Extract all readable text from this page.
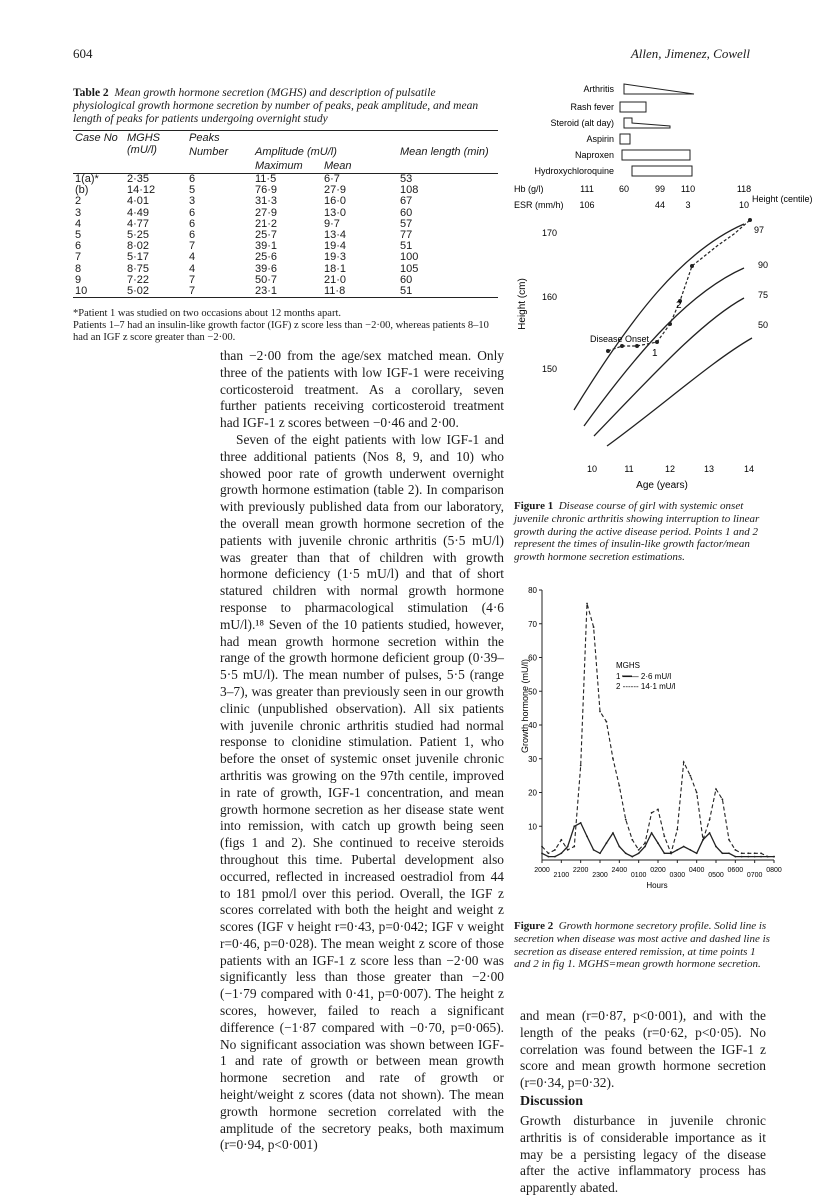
604	Allen, Jimenez, Cowell
Table 2 Mean growth hormone secretion (MGHS) and description of pulsatile physiological growth hormone secretion by number of peaks, peak amplitude, and mean length of peaks for patients undergoing overnight study
Case No	MGHS (mU/l)	Peaks			
		Number	Amplitude (mU/l)		Mean length (min)
			Maximum	Mean	
1(a)*	2·35	6	11·5	6·7	53
(b)	14·12	5	76·9	27·9	108
2	4·01	3	31·3	16·0	67
3	4·49	6	27·9	13·0	60
4	4·77	6	21·2	9·7	57
5	5·25	6	25·7	13·4	77
6	8·02	7	39·1	19·4	51
7	5·17	4	25·6	19·3	100
8	8·75	4	39·6	18·1	105
9	7·22	7	50·7	21·0	60
10	5·02	7	23·1	11·8	51
*Patient 1 was studied on two occasions about 12 months apart.
Patients 1–7 had an insulin-like growth factor (IGF) z score less than −2·00, whereas patients 8–10 had an IGF z score greater than −2·00.

than −2·00 from the age/sex matched mean. Only three of the patients with low IGF-1 were receiving corticosteroid treatment. As a corollary, seven further patients receiving corticosteroid treatment had IGF-1 z scores between −0·46 and 2·00.

Seven of the eight patients with low IGF-1 and three additional patients (Nos 8, 9, and 10) who showed poor rate of growth underwent overnight growth hormone estimation (table 2). In comparison with previously published data from our laboratory, the overall mean growth hormone secretion of the patients with juvenile chronic arthritis (5·5 mU/l) was greater than that of children with growth hormone deficiency (1·5 mU/l) and that of short statured children with normal growth hormone response to pharmacological stimulation (4·6 mU/l).¹⁸ Seven of the 10 patients studied, however, had mean growth hormone secretion within the range of the growth hormone deficient group (0·39–5·5 mU/l). The mean number of pulses, 5·5 (range 3–7), was greater than previously seen in our growth clinic (unpublished observation). All six patients with juvenile chronic arthritis studied had normal response to clonidine stimulation. Patient 1, who before the onset of systemic onset juvenile chronic arthritis was growing on the 97th centile, improved in rate of growth, IGF-1 concentration, and mean growth hormone secretion as her disease state went into remission, with catch up growth being seen (figs 1 and 2). She continued to receive steroids throughout this time. Pubertal development also occurred, reflected in increased oestradiol from 44 to 181 pmol/l over this period. Overall, the IGF z scores correlated with both the height and weight z scores (IGF v height r=0·43, p=0·042; IGF v weight r=0·46, p=0·028). The mean weight z score of those patients with an IGF-1 z score less than −2·00 was significantly less than those greater than −2·00 (−1·79 compared with 0·41, p=0·007). The height z scores, however, failed to reach a significant difference (−1·87 compared with −0·70, p=0·065). No significant association was shown between IGF-1 and rate of growth or between mean growth hormone secretion and rate of growth or height/weight z scores (data not shown). The mean growth hormone secretion correlated with the amplitude of the secretory peaks, both maximum (r=0·94, p<0·001)

Arthritis
Rash fever
Steroid (alt day)
Aspirin
Naproxen
Hydroxychloroquine
Hb (g/l)	111	60	99 110	118
ESR (mm/h) 106	44 3	10
2
1
Disease Onset
170
160
150
10	11	12	13	14
97
90
75
50
Age (years)
Height (centile)
Height (cm)
Figure 1 Disease course of girl with systemic onset juvenile chronic arthritis showing interruption to linear growth during the active disease period. Points 1 and 2 represent the times of insulin-like growth factor/mean growth hormone secretion estimations.
Growth hormone (mU/l)
Hours
MGHS
1 —— 2·6 mU/l
2 ------ 14·1 mU/l
80
70
60
50
40
30
20
10
2000
2100
2200
2300
2400
0100
0200
0300
0400
0500
0600
0700
0800
Figure 2 Growth hormone secretory profile. Solid line is secretion when disease was most active and dashed line is secretion as disease entered remission, at time points 1 and 2 in fig 1. MGHS=mean growth hormone secretion.

and mean (r=0·87, p<0·001), and with the length of the peaks (r=0·62, p<0·05). No correlation was found between the IGF-1 z score and mean growth hormone secretion (r=0·34, p=0·32).

Discussion

Growth disturbance in juvenile chronic arthritis is of considerable importance as it may be a persisting legacy of the disease after the active inflammatory process has apparently abated.
